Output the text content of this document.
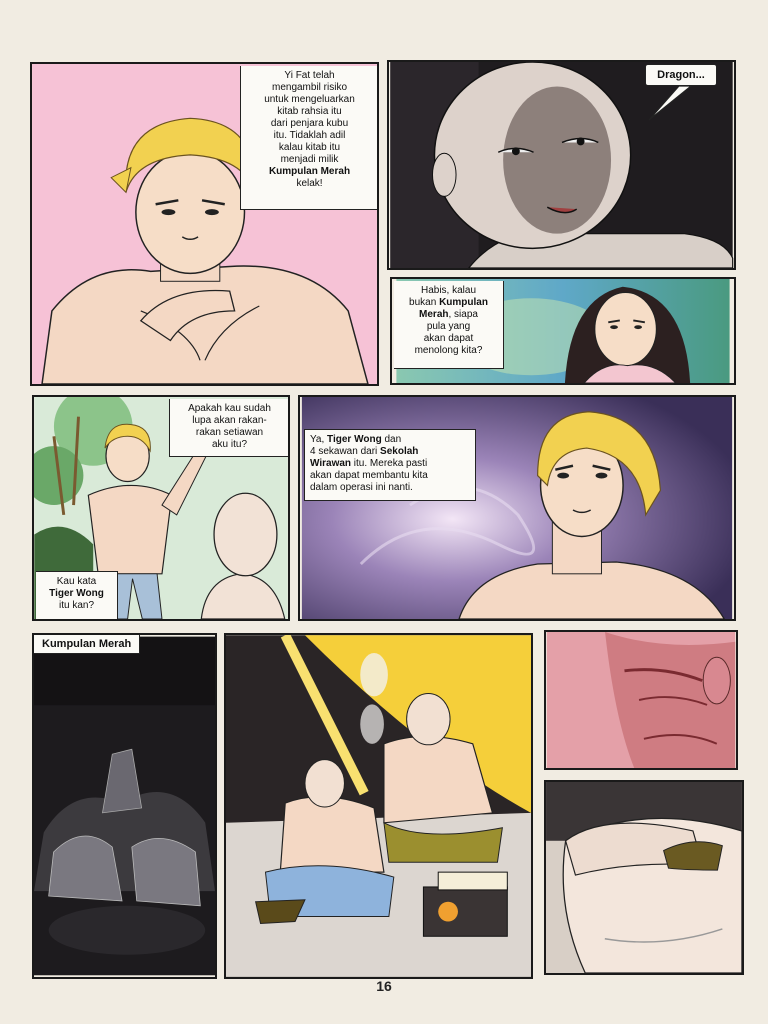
Yi Fat telah
mengambil risiko
untuk mengeluarkan
kitab rahsia itu
dari penjara kubu
itu. Tidaklah adil
kalau kitab itu
menjadi milik
Kumpulan Merah
kelak!
Dragon...
Habis, kalau
bukan Kumpulan
Merah, siapa
pula yang
akan dapat
menolong kita?
Apakah kau sudah
lupa akan rakan-
rakan setiawan
aku itu?
Kau kata
Tiger Wong
itu kan?
Ya, Tiger Wong dan
4 sekawan dari Sekolah
Wirawan itu. Mereka pasti
akan dapat membantu kita
dalam operasi ini nanti.
Kumpulan Merah
16
